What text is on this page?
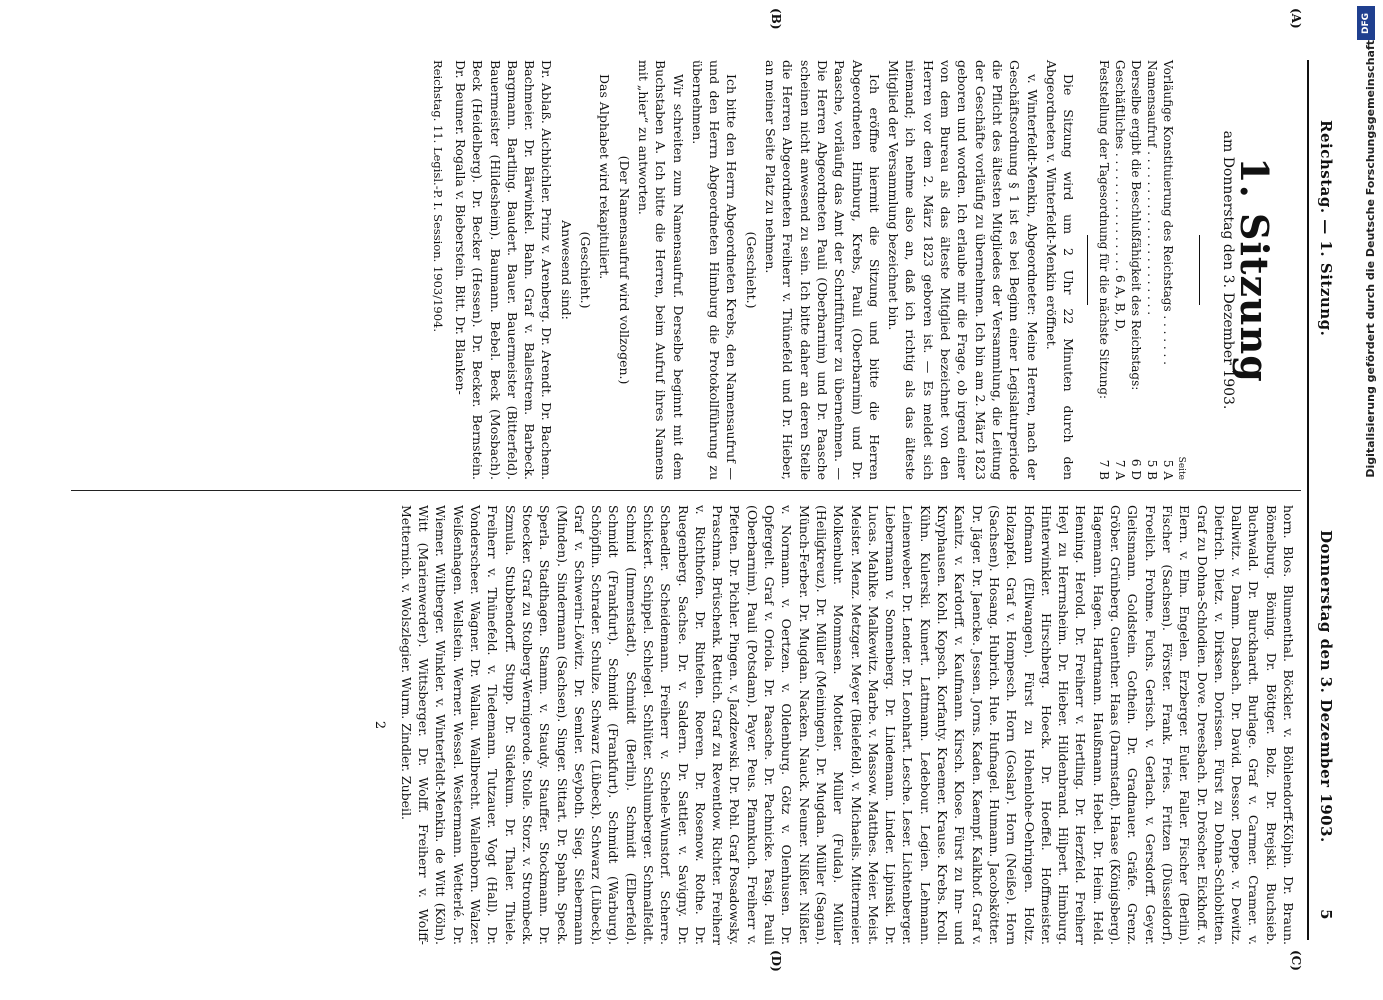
Reichstag. — 1. Sitzung.
Donnerstag den 3. Dezember 1903.
5
(A)
(B)
(C)
(D)
1. Sitzung
am Donnerstag den 3. Dezember 1903.
Seite
Vorläufige Konstituierung des Reichstags . . . . . . .	5 A
Namensaufruf . . . . . . . . . . . . . . . . . . . . . .	5 B
Derselbe ergibt die Beschlußfähigkeit des Reichstags:	6 D
Geschäftliches . . . . . . . . . . . . . . . . 6 A, B, D,	7 A
Feststellung der Tagesordnung für die nächste Sitzung:	7 B

Die Sitzung wird um 2 Uhr 22 Minuten durch den Abgeordneten v. Winterfeldt-Menkin eröffnet.

v. Winterfeldt-Menkin, Abgeordneter: Meine Herren, nach der Geschäftsordnung § 1 ist es bei Beginn einer Legislaturperiode die Pflicht des ältesten Mitgliedes der Versammlung, die Leitung der Geschäfte vorläufig zu übernehmen. Ich bin am 2. März 1823 geboren und worden. Ich erlaube mir die Frage, ob irgend einer von dem Bureau als das älteste Mitglied bezeichnet von den Herren vor dem 2. März 1823 geboren ist. — Es meldet sich niemand; ich nehme also an, daß ich richtig als das älteste Mitglied der Versammlung bezeichnet bin.

Ich eröffne hiermit die Sitzung und bitte die Herren Abgeordneten Himburg, Krebs, Pauli (Oberbarnim) und Dr. Paasche, vorläufig das Amt der Schriftführer zu übernehmen. — Die Herren Abgeordneten Pauli (Oberbarnim) und Dr. Paasche scheinen nicht anwesend zu sein. Ich bitte daher an deren Stelle die Herren Abgeordneten Freiherr v. Thünefeld und Dr. Hieber, an meiner Seite Platz zu nehmen.

(Geschieht.)

Ich bitte den Herrn Abgeordneten Krebs, den Namensaufruf — und den Herrn Abgeordneten Himburg die Protokollführung zu übernehmen.

Wir schreiten zum Namensaufruf. Derselbe beginnt mit dem Buchstaben A. Ich bitte die Herren, beim Aufruf ihres Namens mit „hier“ zu antworten.

(Der Namensaufruf wird vollzogen.)

Das Alphabet wird rekapituliert.

(Geschieht.)

Anwesend sind:

Dr. Ablaß. Aichbichler. Prinz v. Arenberg. Dr. Arendt. Dr. Bachem. Bachmeier. Dr. Bärwinkel. Bahn. Graf v. Ballestrem. Barbeck. Bargmann. Bartling. Baudert. Bauer. Bauermeister (Bitterfeld). Bauermeister (Hildesheim). Baumann. Bebel. Beck (Mosbach). Beck (Heidelberg). Dr. Becker (Hessen). Dr. Becker. Bernstein. Dr. Beumer. Rogalla v. Bieberstein. Bitt. Dr. Blanken-

Reichstag. 11. Legisl.-P. I. Session. 1903/1904.

horn. Blos. Blumenthal. Böckler. v. Böhlendorff-Kölpin. Dr. Braun. Bömelburg. Böning. Dr. Böttger. Bolz. Dr. Brejski. Buchsieb. Buchwald. Dr. Burckhardt. Burlage. Graf v. Carmer. Cramer. v. Dallwitz. v. Damm. Dasbach. Dr. David. Dessor. Deppe. v. Dewitz. Dietrich. Dietz. v. Dirksen. Dorissen. Fürst zu Dohna-Schlobitten. Graf zu Dohna-Schlodien. Dove. Dreesbach. Dr. Dröscher. Eickhoff. v. Elern. v. Elm. Engelen. Erzberger. Euler. Faller. Fischer (Berlin). Fischer (Sachsen). Förster. Frank. Fries. Fritzen (Düsseldorf). Froelich. Frohme. Fuchs. Gerisch. v. Gerlach. v. Gersdorff. Geyer. Gleitsmann. Goldstein. Gothein. Dr. Gradnauer. Gräfe. Grenz. Gröber. Grünberg. Guenther. Haas (Darmstadt). Haase (Königsberg). Hagemann. Hagen. Hartmann. Haußmann. Hebel. Dr. Heim. Held. Henning. Herold. Dr. Freiherr v. Hertling. Dr. Herzfeld. Freiherr Heyl zu Herrnsheim. Dr. Hieber. Hildenbrand. Hilpert. Himburg. Hinterwinkler. Hirschberg. Hoeck. Dr. Hoeffel. Hoffmeister. Hofmann (Ellwangen). Fürst zu Hohenlohe-Oehringen. Holtz. Holzapfel. Graf v. Hompesch. Horn (Goslar). Horn (Neiße). Horn (Sachsen). Hosang. Hubrich. Hue. Hufnagel. Humann. Jacobskötter. Dr. Jäger. Dr. Jaencke. Jessen. Jorns. Kaden. Kaempf. Kalkhof. Graf v. Kanitz. v. Kardorff. v. Kaufmann. Kirsch. Klose. Fürst zu Inn- und Knyphausen. Kohl. Kopsch. Korfanty. Kraemer. Krause. Krebs. Kroll. Kühn. Kulerski. Kunert. Lattmann. Ledebour. Legien. Lehmann. Leinenweber. Dr. Lender. Dr. Leonhart. Lesche. Leser. Lichtenberger. Liebermann v. Sonnenberg. Dr. Lindemann. Linder. Lipinski. Dr. Lucas. Mahlke. Malkewitz. Marbe. v. Massow. Matthes. Meier. Meist. Meister. Menz. Metzger. Meyer (Bielefeld). v. Michaelis. Mittermeier. Molkenbuhr. Mommsen. Motteler. Müller (Fulda). Müller (Heiligkreuz). Dr. Müller (Meiningen). Dr. Mugdan. Müller (Sagan). Münch-Ferber. Dr. Mugdan. Nacken. Nauck. Neuner. Nißler. Nißler. v. Normann. v. Oertzen. v. Oldenburg. Götz v. Olenhusen. Dr. Opfergelt. Graf v. Oriola. Dr. Paasche. Dr. Pachnicke. Pasig. Pauli (Oberbarnim). Pauli (Potsdam). Payer. Peus. Pfannkuch. Freiherr v. Pfetten. Dr. Pichler. Pingen. v. Jazdzewski. Dr. Pohl. Graf Posadowsky. Praschma. Brüschenk. Rettich. Graf zu Reventlow. Richter. Freiherr v. Richthofen. Dr. Rintelen. Roeren. Dr. Rosenow. Rothe. Dr. Ruegenberg. Sachse. Dr. v. Saldern. Dr. Sattler. v. Savigny. Dr. Schaedler. Scheidemann. Freiherr v. Schele-Wunstorf. Scherre. Schickert. Schippel. Schlegel. Schlüter. Schlumberger. Schmalfeldt. Schmid (Immenstadt). Schmidt (Berlin). Schmidt (Elberfeld). Schmidt (Frankfurt). Schmidt (Frankfurt). Schmidt (Warburg). Schöpflin. Schrader. Schulze. Schwarz (Lübeck). Schwarz (Lübeck). Graf v. Schwerin-Löwitz. Dr. Semler. Seyboth. Sieg. Siebermann (Minden). Sindermann (Sachsen). Singer. Sittart. Dr. Spahn. Speck. Sperla. Stadthagen. Stamm. v. Staudy. Stauffer. Stockmann. Dr. Stoecker. Graf zu Stolberg-Wernigerode. Stolle. Storz. v. Strombeck. Szmula. Stubbendorff. Stupp. Dr. Südekum. Dr. Thaler. Thiele. Freiherr v. Thünefeld. v. Tiedemann. Tutzauer. Vogt (Hall). Dr. Vonderscheer. Wagner. Dr. Wallau. Wallbrecht. Wallenborn. Walzer. Weißenhagen. Wellstein. Werner. Wessel. Westermann. Wetterlé. Dr. Wiemer. Wiltberger. Winkler. v. Winterfeldt-Menkin. de Witt (Köln). Witt (Marienwerder). Wittsberger. Dr. Wolff. Freiherr v. Wolff-Metternich. v. Wolszlegier. Wurm. Zindler. Zubeil.

2
DFG
Digitalisierung gefördert durch die Deutsche Forschungsgemeinschaft
